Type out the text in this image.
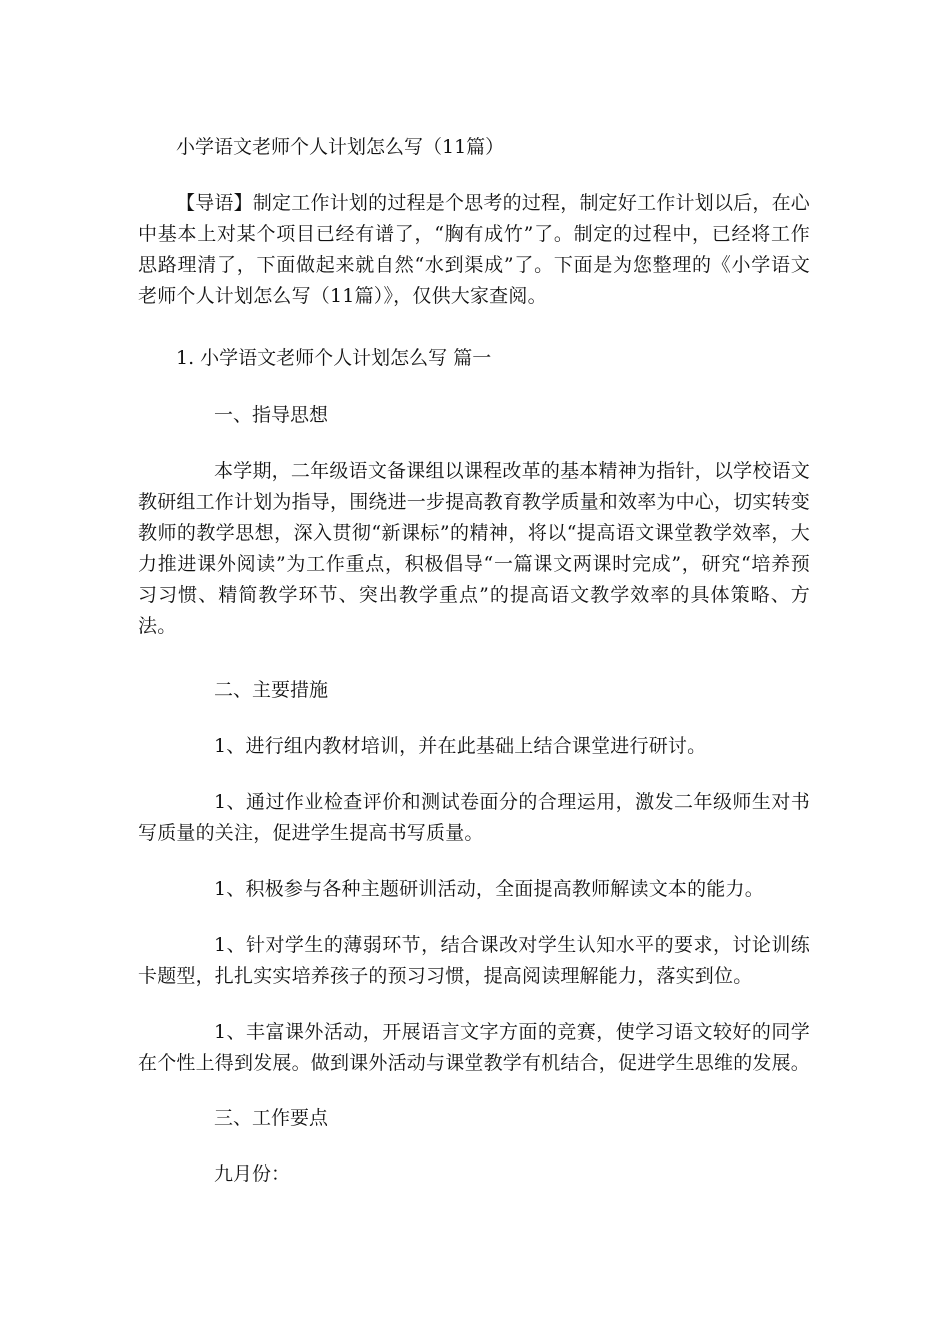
小学语文老师个人计划怎么写（11篇）

【导语】制定工作计划的过程是个思考的过程，制定好工作计划以后，在心中基本上对某个项目已经有谱了，“胸有成竹”了。制定的过程中，已经将工作思路理清了，下面做起来就自然“水到渠成”了。下面是为您整理的《小学语文老师个人计划怎么写（11篇）》，仅供大家查阅。

1. 小学语文老师个人计划怎么写 篇一

一、指导思想

本学期，二年级语文备课组以课程改革的基本精神为指针，以学校语文教研组工作计划为指导，围绕进一步提高教育教学质量和效率为中心，切实转变教师的教学思想，深入贯彻“新课标”的精神，将以“提高语文课堂教学效率，大力推进课外阅读”为工作重点，积极倡导“一篇课文两课时完成”，研究“培养预习习惯、精简教学环节、突出教学重点”的提高语文教学效率的具体策略、方法。

二、主要措施

1、进行组内教材培训，并在此基础上结合课堂进行研讨。

1、通过作业检查评价和测试卷面分的合理运用，激发二年级师生对书写质量的关注，促进学生提高书写质量。

1、积极参与各种主题研训活动，全面提高教师解读文本的能力。

1、针对学生的薄弱环节，结合课改对学生认知水平的要求，讨论训练卡题型，扎扎实实培养孩子的预习习惯，提高阅读理解能力，落实到位。

1、丰富课外活动，开展语言文字方面的竞赛，使学习语文较好的同学在个性上得到发展。做到课外活动与课堂教学有机结合，促进学生思维的发展。

三、工作要点

九月份：
